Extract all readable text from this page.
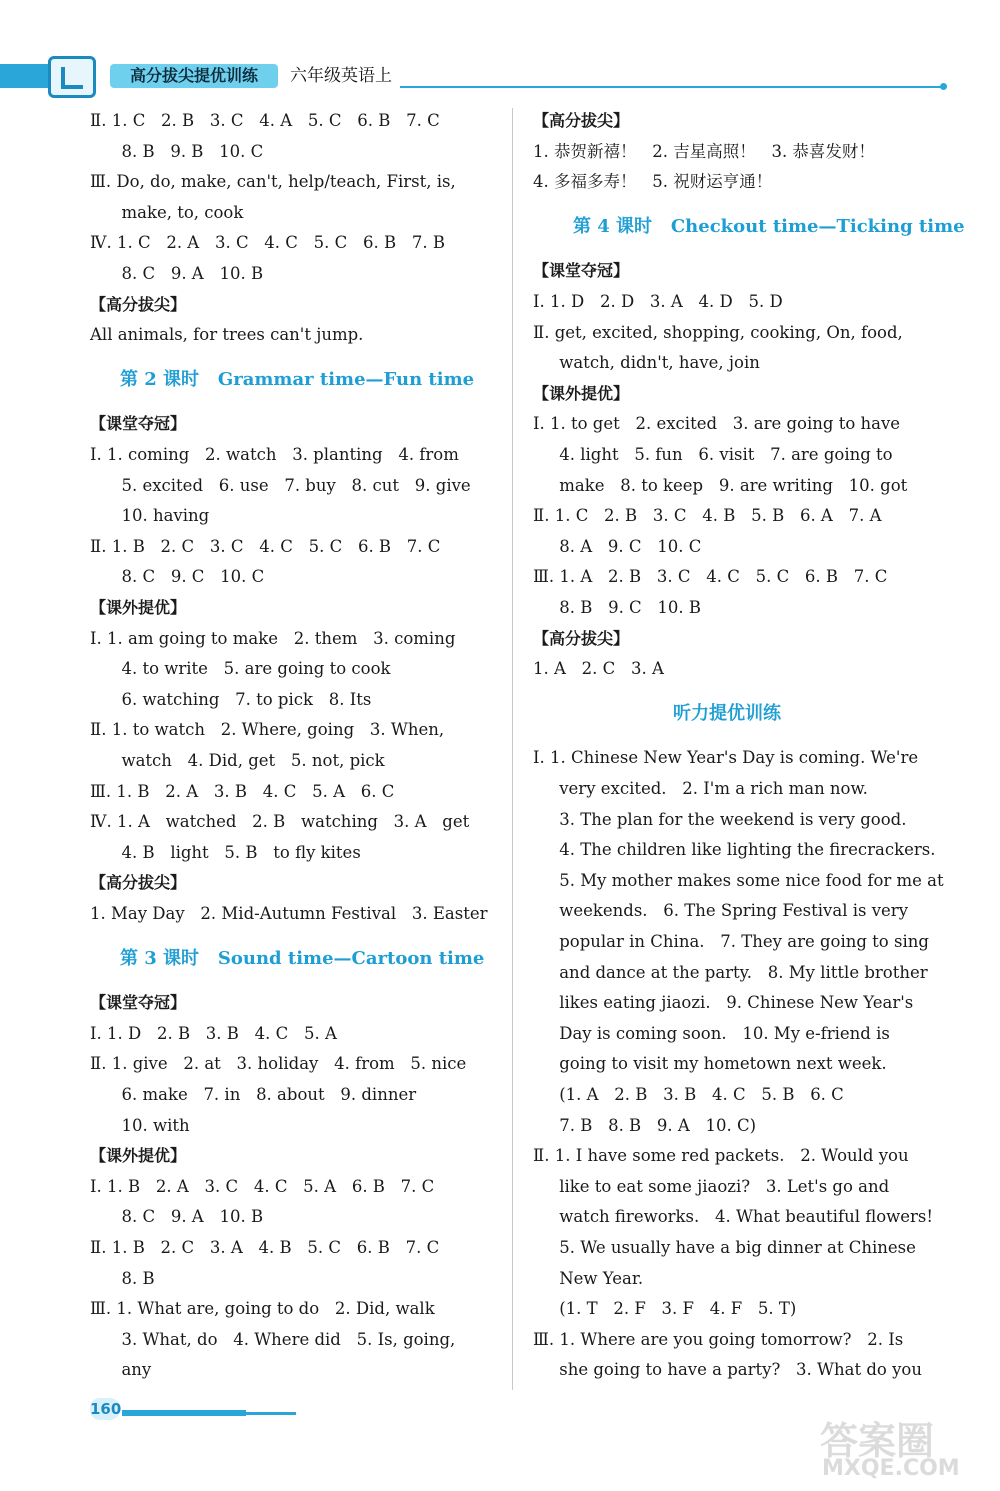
高分拔尖提优训练	六年级英语上
Ⅱ. 1. C   2. B   3. C   4. A   5. C   6. B   7. C
8. B   9. B   10. C
Ⅲ. Do, do, make, can't, help/teach, First, is,
make, to, cook
Ⅳ. 1. C   2. A   3. C   4. C   5. C   6. B   7. B
8. C   9. A   10. B
【高分拔尖】
All animals, for trees can't jump.
第 2 课时   Grammar time—Fun time
【课堂夺冠】
Ⅰ. 1. coming   2. watch   3. planting   4. from
5. excited   6. use   7. buy   8. cut   9. give
10. having
Ⅱ. 1. B   2. C   3. C   4. C   5. C   6. B   7. C
8. C   9. C   10. C
【课外提优】
Ⅰ. 1. am going to make   2. them   3. coming
4. to write   5. are going to cook
6. watching   7. to pick   8. Its
Ⅱ. 1. to watch   2. Where, going   3. When,
watch   4. Did, get   5. not, pick
Ⅲ. 1. B   2. A   3. B   4. C   5. A   6. C
Ⅳ. 1. A   watched   2. B   watching   3. A   get
4. B   light   5. B   to fly kites
【高分拔尖】
1. May Day   2. Mid-Autumn Festival   3. Easter
第 3 课时   Sound time—Cartoon time
【课堂夺冠】
Ⅰ. 1. D   2. B   3. B   4. C   5. A
Ⅱ. 1. give   2. at   3. holiday   4. from   5. nice
6. make   7. in   8. about   9. dinner
10. with
【课外提优】
Ⅰ. 1. B   2. A   3. C   4. C   5. A   6. B   7. C
8. C   9. A   10. B
Ⅱ. 1. B   2. C   3. A   4. B   5. C   6. B   7. C
8. B
Ⅲ. 1. What are, going to do   2. Did, walk
3. What, do   4. Where did   5. Is, going,
any
【高分拔尖】
1. 恭贺新禧！   2. 吉星高照！   3. 恭喜发财！
4. 多福多寿！   5. 祝财运亨通！
第 4 课时   Checkout time—Ticking time
【课堂夺冠】
Ⅰ. 1. D   2. D   3. A   4. D   5. D
Ⅱ. get, excited, shopping, cooking, On, food,
watch, didn't, have, join
【课外提优】
Ⅰ. 1. to get   2. excited   3. are going to have
4. light   5. fun   6. visit   7. are going to
make   8. to keep   9. are writing   10. got
Ⅱ. 1. C   2. B   3. C   4. B   5. B   6. A   7. A
8. A   9. C   10. C
Ⅲ. 1. A   2. B   3. C   4. C   5. C   6. B   7. C
8. B   9. C   10. B
【高分拔尖】
1. A   2. C   3. A
听力提优训练
Ⅰ. 1. Chinese New Year's Day is coming. We're
very excited.   2. I'm a rich man now.
3. The plan for the weekend is very good.
4. The children like lighting the firecrackers.
5. My mother makes some nice food for me at
weekends.   6. The Spring Festival is very
popular in China.   7. They are going to sing
and dance at the party.   8. My little brother
likes eating jiaozi.   9. Chinese New Year's
Day is coming soon.   10. My e-friend is
going to visit my hometown next week.
(1. A   2. B   3. B   4. C   5. B   6. C
7. B   8. B   9. A   10. C)
Ⅱ. 1. I have some red packets.   2. Would you
like to eat some jiaozi?   3. Let's go and
watch fireworks.   4. What beautiful flowers!
5. We usually have a big dinner at Chinese
New Year.
(1. T   2. F   3. F   4. F   5. T)
Ⅲ. 1. Where are you going tomorrow?   2. Is
she going to have a party?   3. What do you
160
答案圈
MXQE.COM
